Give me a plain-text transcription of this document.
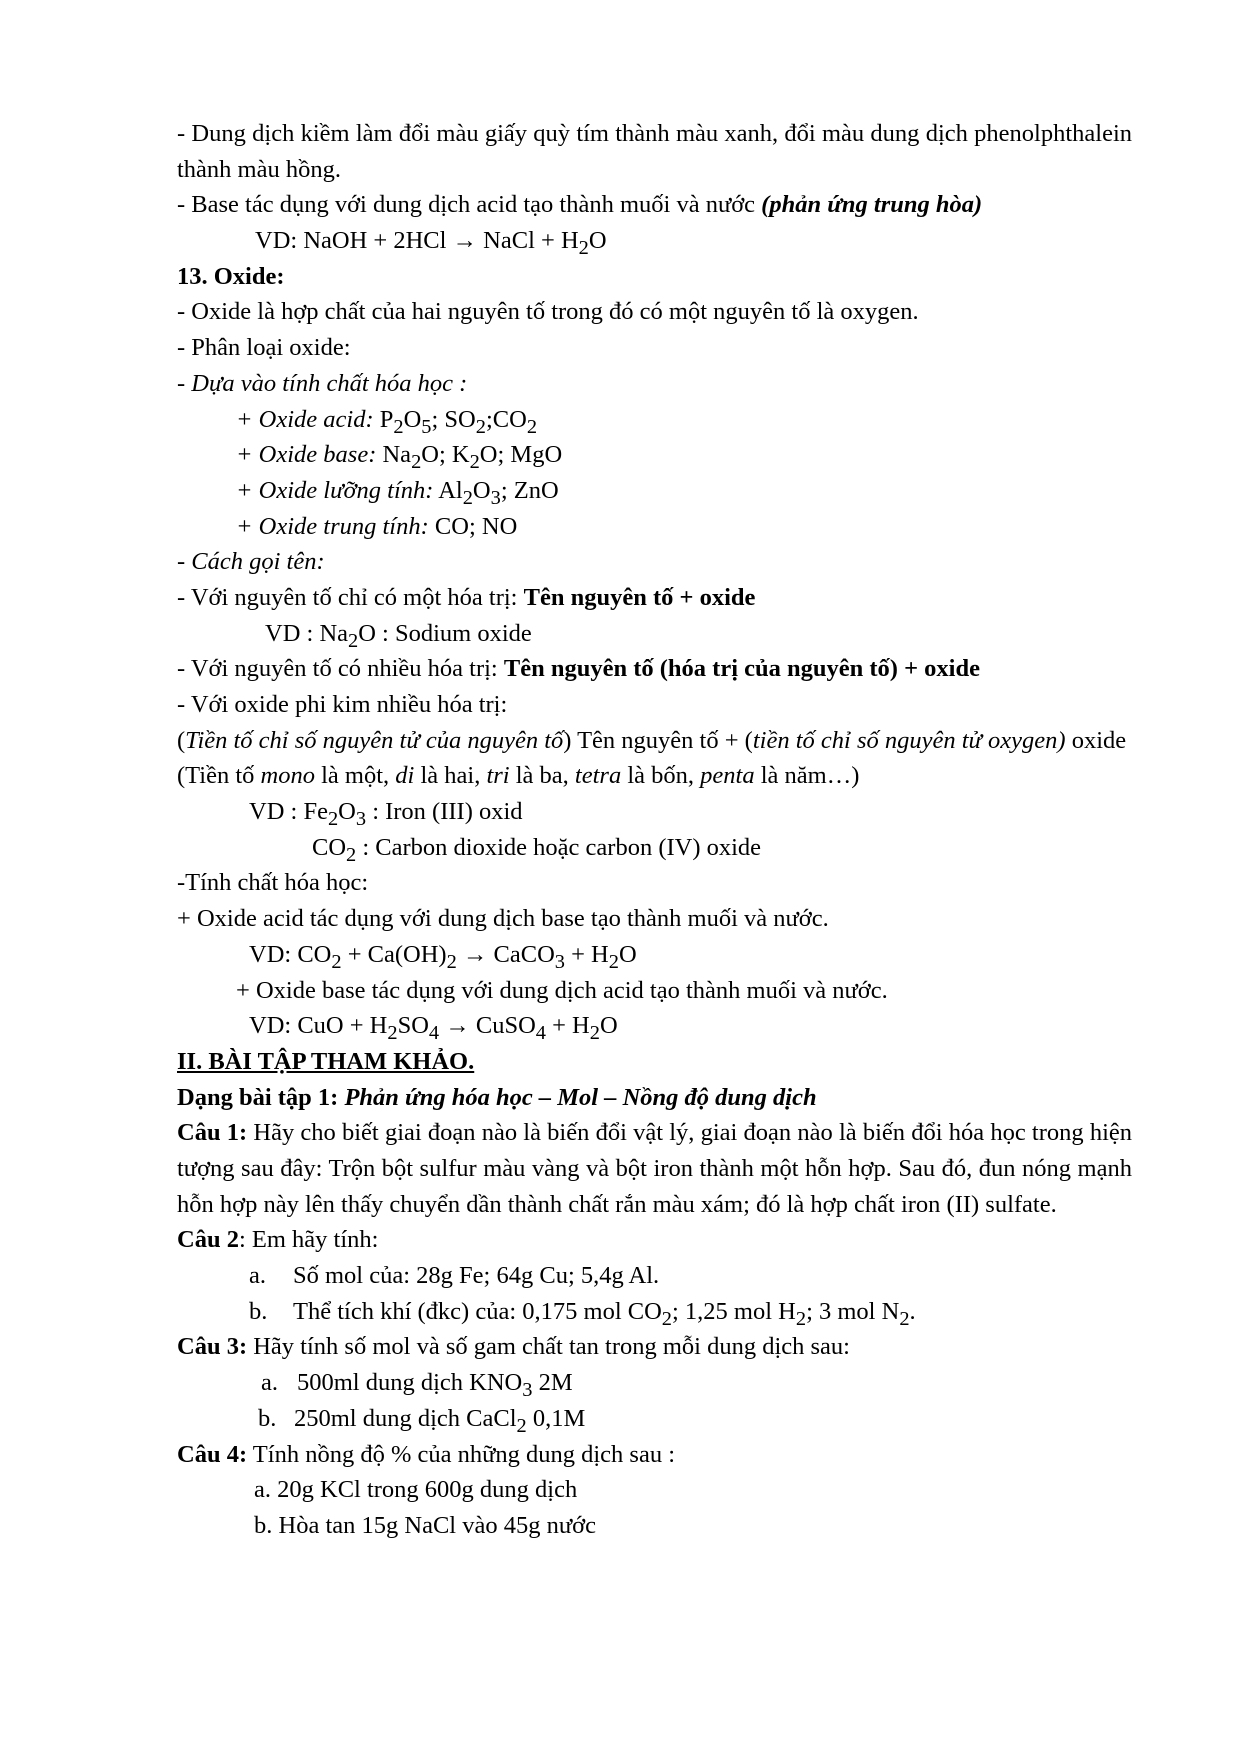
- Dung dịch kiềm làm đổi màu giấy quỳ tím thành màu xanh, đổi màu dung dịch phenolphthalein thành màu hồng.
- Base tác dụng với dung dịch acid tạo thành muối và nước (phản ứng trung hòa)
VD: NaOH + 2HCl → NaCl + $H_2O$
13. Oxide:
- Oxide là hợp chất của hai nguyên tố trong đó có một nguyên tố là oxygen.
- Phân loại oxide:
- Dựa vào tính chất hóa học :
+ Oxide acid: $P_2O_5$; $SO_2;CO_2$
+ Oxide base: $Na_2O$; $K_2O$; MgO
+ Oxide lưỡng tính: $Al_2O_3$; ZnO
+ Oxide trung tính: CO; NO
- Cách gọi tên:
- Với nguyên tố chỉ có một hóa trị: Tên nguyên tố + oxide
VD : $Na_2O$ : Sodium oxide
- Với nguyên tố có nhiều hóa trị: Tên nguyên tố (hóa trị của nguyên tố) + oxide
- Với oxide phi kim nhiều hóa trị:
(Tiền tố chỉ số nguyên tử của nguyên tố) Tên nguyên tố + (tiền tố chỉ số nguyên tử oxygen) oxide
(Tiền tố mono là một, di là hai, tri là ba, tetra là bốn, penta là năm…)
VD : $Fe_2O_3$ : Iron (III) oxid
$CO_2$ : Carbon dioxide hoặc carbon (IV) oxide
-Tính chất hóa học:
+ Oxide acid tác dụng với dung dịch base tạo thành muối và nước.
VD: $CO_2 + Ca(OH)_2$ → CaCO$_3$ + $H_2O$
+ Oxide base tác dụng với dung dịch acid tạo thành muối và nước.
VD: CuO + $H_2SO_4$ → CuSO$_4$ + $H_2O$
II. BÀI TẬP THAM KHẢO.
Dạng bài tập 1: Phản ứng hóa học – Mol – Nồng độ dung dịch
Câu 1: Hãy cho biết giai đoạn nào là biến đổi vật lý, giai đoạn nào là biến đổi hóa học trong hiện tượng sau đây: Trộn bột sulfur màu vàng và bột iron thành một hỗn hợp. Sau đó, đun nóng mạnh hỗn hợp này lên thấy chuyển dần thành chất rắn màu xám; đó là hợp chất iron (II) sulfate.
Câu 2: Em hãy tính:
a. Số mol của: 28g Fe; 64g Cu; 5,4g Al.
b. Thể tích khí (đkc) của: 0,175 mol $CO_2$; 1,25 mol $H_2$; 3 mol $N_2$.
Câu 3: Hãy tính số mol và số gam chất tan trong mỗi dung dịch sau:
a. 500ml dung dịch $KNO_3$ 2M
b. 250ml dung dịch CaCl$_2$ 0,1M
Câu 4: Tính nồng độ % của những dung dịch sau :
a. 20g KCl trong 600g dung dịch
b. Hòa tan 15g NaCl vào 45g nước
